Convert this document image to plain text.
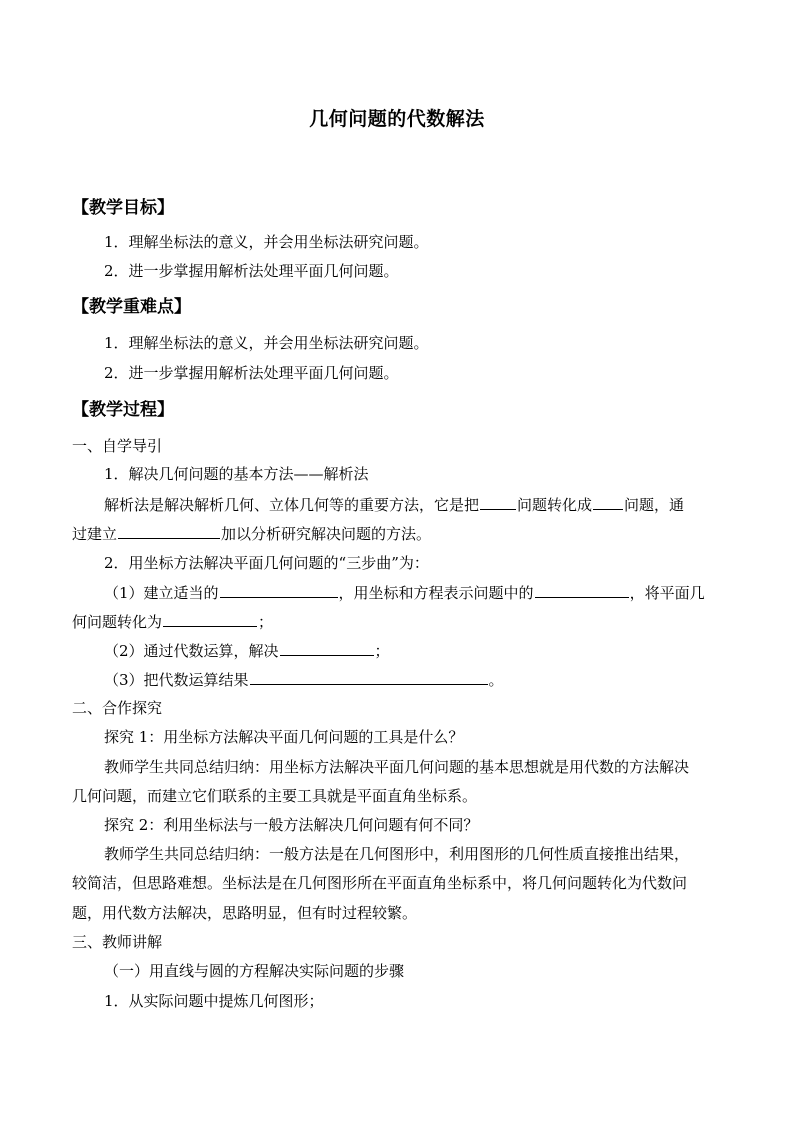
几何问题的代数解法
【教学目标】
1．理解坐标法的意义，并会用坐标法研究问题。
2．进一步掌握用解析法处理平面几何问题。
【教学重难点】
1．理解坐标法的意义，并会用坐标法研究问题。
2．进一步掌握用解析法处理平面几何问题。
【教学过程】
一、自学导引
1．解决几何问题的基本方法——解析法
解析法是解决解析几何、立体几何等的重要方法，它是把	问题转化成 问题，通
过建立	加以分析研究解决问题的方法。
2．用坐标方法解决平面几何问题的“三步曲”为：
（1）建立适当的	，用坐标和方程表示问题中的	，将平面几
何问题转化为	；
（2）通过代数运算，解决	；
（3）把代数运算结果	。
二、合作探究
探究 1：用坐标方法解决平面几何问题的工具是什么？
教师学生共同总结归纳：用坐标方法解决平面几何问题的基本思想就是用代数的方法解决
几何问题，而建立它们联系的主要工具就是平面直角坐标系。
探究 2：利用坐标法与一般方法解决几何问题有何不同？
教师学生共同总结归纳：一般方法是在几何图形中，利用图形的几何性质直接推出结果，
较简洁，但思路难想。坐标法是在几何图形所在平面直角坐标系中，将几何问题转化为代数问
题，用代数方法解决，思路明显，但有时过程较繁。
三、教师讲解
（一）用直线与圆的方程解决实际问题的步骤
1．从实际问题中提炼几何图形；
